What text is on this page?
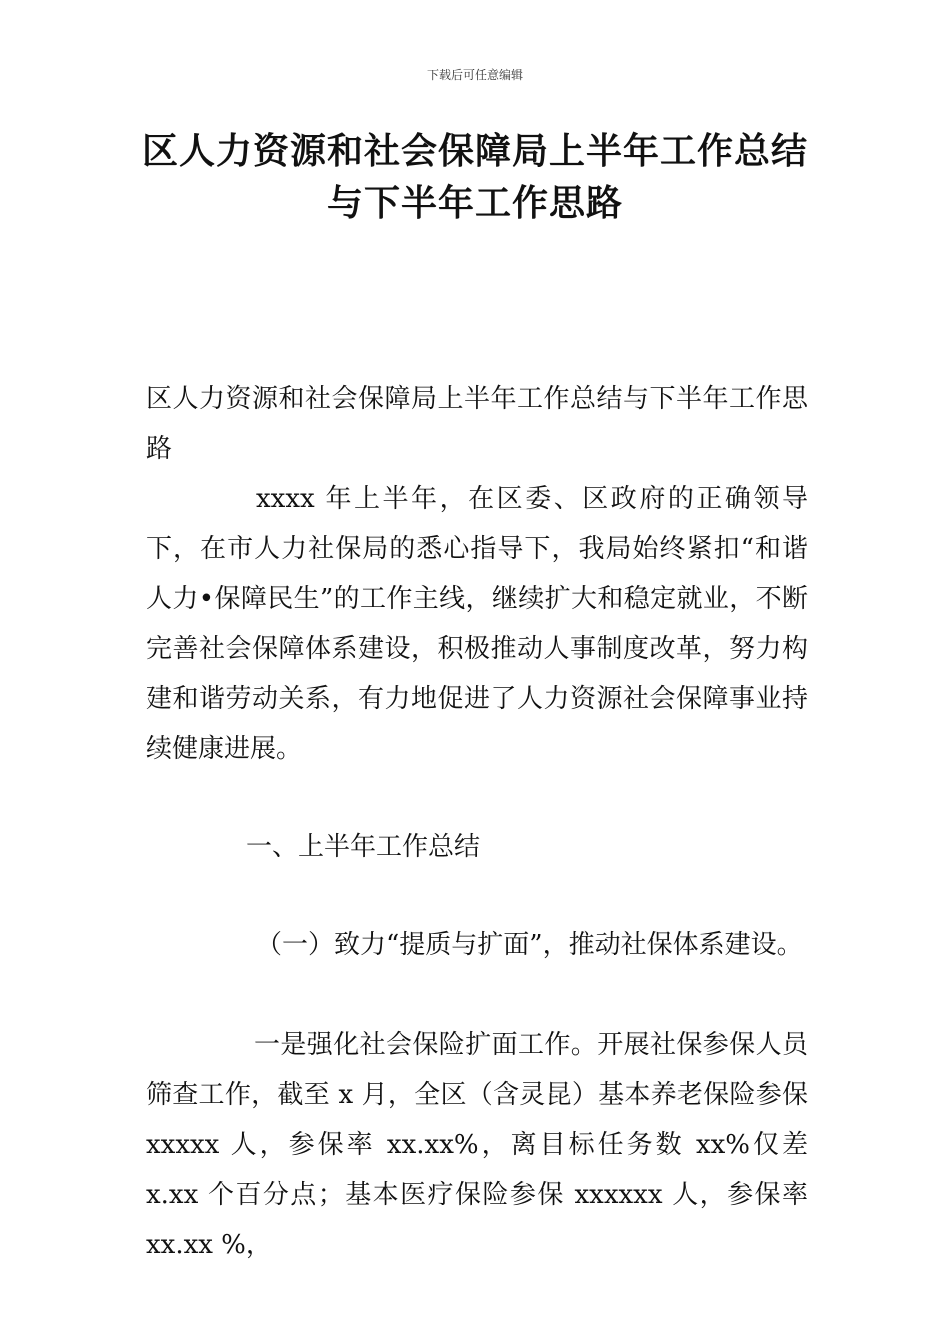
下载后可任意编辑
区人力资源和社会保障局上半年工作总结
与下半年工作思路
区人力资源和社会保障局上半年工作总结与下半年工作思路
xxxx 年上半年，在区委、区政府的正确领导下，在市人力社保局的悉心指导下，我局始终紧扣“和谐人力•保障民生”的工作主线，继续扩大和稳定就业，不断完善社会保障体系建设，积极推动人事制度改革，努力构建和谐劳动关系，有力地促进了人力资源社会保障事业持续健康进展。
一、上半年工作总结
（一）致力“提质与扩面”，推动社保体系建设。
一是强化社会保险扩面工作。开展社保参保人员筛查工作，截至 x 月，全区（含灵昆）基本养老保险参保 xxxxx 人，参保率 xx.xx%，离目标任务数 xx%仅差 x.xx 个百分点；基本医疗保险参保 xxxxxx 人，参保率 xx.xx %，
